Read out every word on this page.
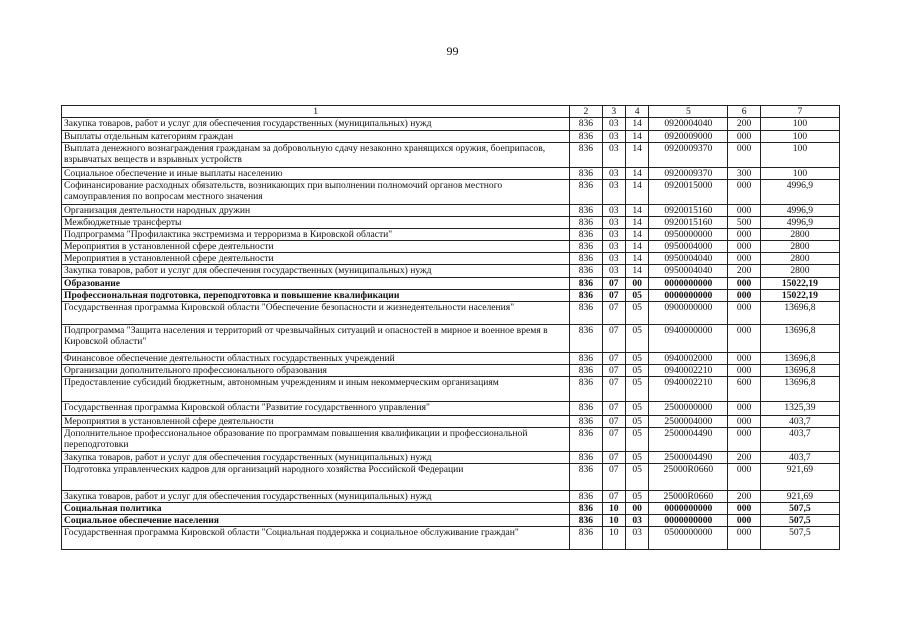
99
1	2	3	4	5	6	7
Закупка товаров, работ и услуг для обеспечения государственных (муниципальных) нужд	836	03	14	0920004040	200	100
Выплаты отдельным категориям граждан	836	03	14	0920009000	000	100
Выплата денежного вознаграждения гражданам за добровольную сдачу незаконно хранящихся оружия, боеприпасов, взрывчатых веществ и взрывных устройств	836	03	14	0920009370	000	100
Социальное обеспечение и иные выплаты населению	836	03	14	0920009370	300	100
Софинансирование расходных обязательств, возникающих при выполнении полномочий органов местного самоуправления по вопросам местного значения	836	03	14	0920015000	000	4996,9
Организация деятельности народных дружин	836	03	14	0920015160	000	4996,9
Межбюджетные трансферты	836	03	14	0920015160	500	4996,9
Подпрограмма "Профилактика экстремизма и терроризма в Кировской области"	836	03	14	0950000000	000	2800
Мероприятия в установленной сфере деятельности	836	03	14	0950004000	000	2800
Мероприятия в установленной сфере деятельности	836	03	14	0950004040	000	2800
Закупка товаров, работ и услуг для обеспечения государственных (муниципальных) нужд	836	03	14	0950004040	200	2800
Образование	836	07	00	0000000000	000	15022,19
Профессиональная подготовка, переподготовка и повышение квалификации	836	07	05	0000000000	000	15022,19
Государственная программа Кировской области "Обеспечение безопасности и жизнедеятельности населения"	836	07	05	0900000000	000	13696,8
Подпрограмма "Защита населения и территорий от чрезвычайных ситуаций и опасностей в мирное и военное время в Кировской области"	836	07	05	0940000000	000	13696,8
Финансовое обеспечение деятельности областных государственных учреждений	836	07	05	0940002000	000	13696,8
Организации дополнительного профессионального образования	836	07	05	0940002210	000	13696,8
Предоставление субсидий бюджетным, автономным учреждениям и иным некоммерческим организациям	836	07	05	0940002210	600	13696,8
Государственная программа Кировской области "Развитие государственного управления"	836	07	05	2500000000	000	1325,39
Мероприятия в установленной сфере деятельности	836	07	05	2500004000	000	403,7
Дополнительное профессиональное образование по программам повышения квалификации и профессиональной переподготовки	836	07	05	2500004490	000	403,7
Закупка товаров, работ и услуг для обеспечения государственных (муниципальных) нужд	836	07	05	2500004490	200	403,7
Подготовка управленческих кадров для организаций народного хозяйства Российской Федерации	836	07	05	25000R0660	000	921,69
Закупка товаров, работ и услуг для обеспечения государственных (муниципальных) нужд	836	07	05	25000R0660	200	921,69
Социальная политика	836	10	00	0000000000	000	507,5
Социальное обеспечение населения	836	10	03	0000000000	000	507,5
Государственная программа Кировской области "Социальная поддержка и социальное обслуживание граждан"	836	10	03	0500000000	000	507,5
